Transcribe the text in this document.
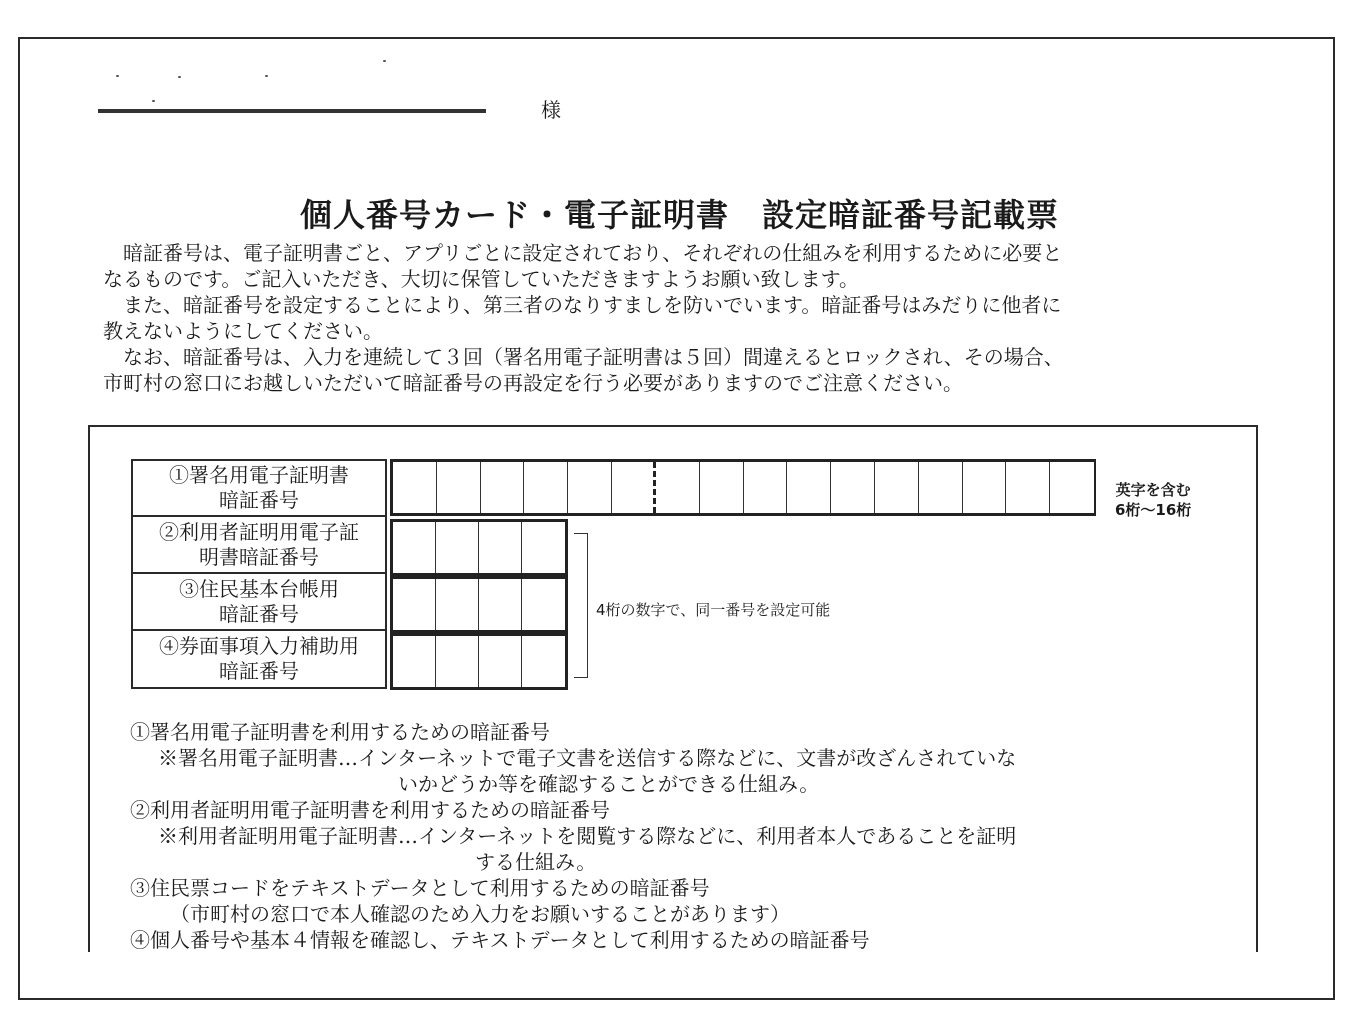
様
個人番号カード・電子証明書　設定暗証番号記載票
暗証番号は、電子証明書ごと、アプリごとに設定されており、それぞれの仕組みを利用するために必要と
なるものです。ご記入いただき、大切に保管していただきますようお願い致します。
また、暗証番号を設定することにより、第三者のなりすましを防いでいます。暗証番号はみだりに他者に
教えないようにしてください。
なお、暗証番号は、入力を連続して３回（署名用電子証明書は５回）間違えるとロックされ、その場合、
市町村の窓口にお越しいただいて暗証番号の再設定を行う必要がありますのでご注意ください。
①署名用電子証明書
暗証番号	英字を含む
6桁～16桁
②利用者証明用電子証
明書暗証番号
③住民基本台帳用
暗証番号
④券面事項入力補助用
暗証番号
4桁の数字で、同一番号を設定可能
①署名用電子証明書を利用するための暗証番号
※署名用電子証明書…インターネットで電子文書を送信する際などに、文書が改ざんされていな
いかどうか等を確認することができる仕組み。
②利用者証明用電子証明書を利用するための暗証番号
※利用者証明用電子証明書…インターネットを閲覧する際などに、利用者本人であることを証明
する仕組み。
③住民票コードをテキストデータとして利用するための暗証番号
（市町村の窓口で本人確認のため入力をお願いすることがあります）
④個人番号や基本４情報を確認し、テキストデータとして利用するための暗証番号
